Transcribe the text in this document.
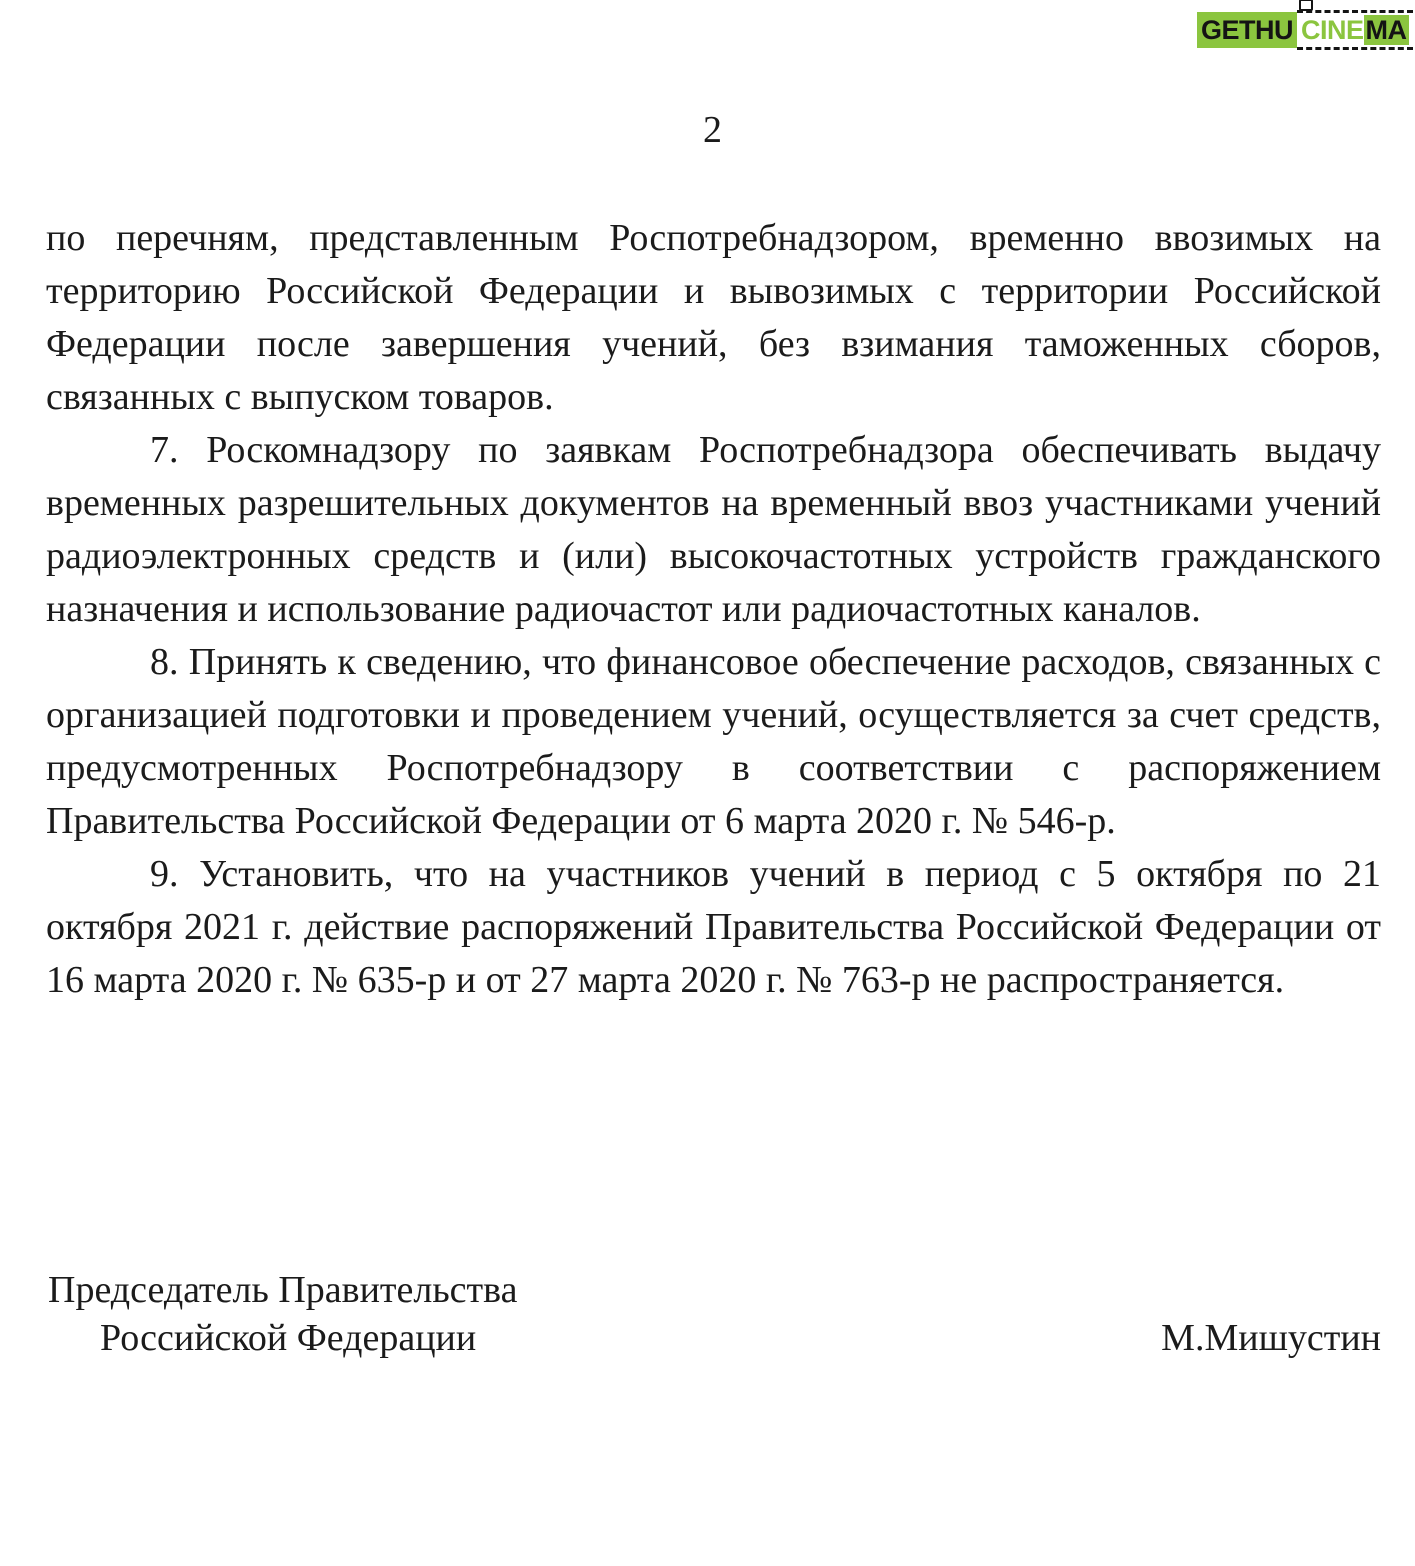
GETHU CINEMA
2

по перечням, представленным Роспотребнадзором, временно ввозимых на территорию Российской Федерации и вывозимых с территории Российской Федерации после завершения учений, без взимания таможенных сборов, связанных с выпуском товаров.

7. Роскомнадзору по заявкам Роспотребнадзора обеспечивать выдачу временных разрешительных документов на временный ввоз участниками учений радиоэлектронных средств и (или) высокочастотных устройств гражданского назначения и использование радиочастот или радиочастотных каналов.

8. Принять к сведению, что финансовое обеспечение расходов, связанных с организацией подготовки и проведением учений, осуществляется за счет средств, предусмотренных Роспотребнадзору в соответствии с распоряжением Правительства Российской Федерации от 6 марта 2020 г. № 546-р.

9. Установить, что на участников учений в период с 5 октября по 21 октября 2021 г. действие распоряжений Правительства Российской Федерации от 16 марта 2020 г. № 635-р и от 27 марта 2020 г. № 763-р не распространяется.

Председатель Правительства
Российской Федерации	М.Мишустин
